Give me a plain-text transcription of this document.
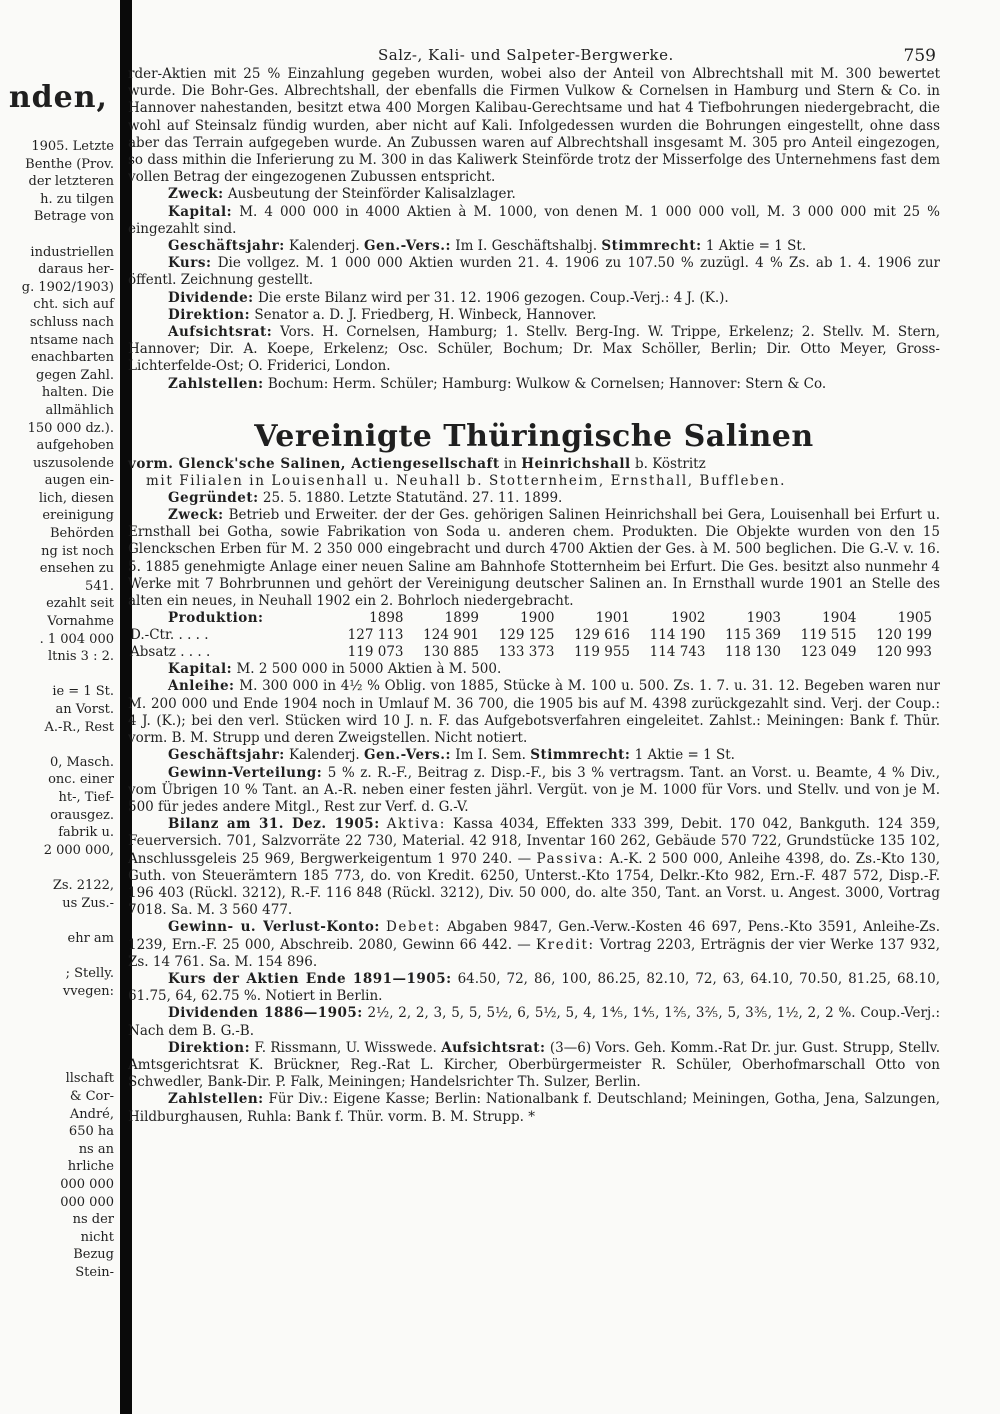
nden,
1905. Letzte
Benthe (Prov.
der letzteren
h. zu tilgen
Betrage von

industriellen
daraus her-
g. 1902/1903)
cht. sich auf
schluss nach
ntsame nach
enachbarten
gegen Zahl.
halten. Die
allmählich
150 000 dz.).
aufgehoben
uszusolende
augen ein-
lich, diesen
ereinigung
Behörden
ng ist noch
ensehen zu
541.
ezahlt seit
Vornahme
. 1 004 000
ltnis 3 : 2.

ie = 1 St.
an Vorst.
A.-R., Rest

0, Masch.
onc. einer
ht-, Tief-
orausgez.
fabrik u.
2 000 000,

Zs. 2122,
us Zus.-

ehr am

; Stelly.
vvegen:

llschaft
& Cor-
André,
650 ha
ns an
hrliche
000 000
000 000
ns der
nicht
Bezug
Stein-
Salz-, Kali- und Salpeter-Bergwerke.	759

rder-Aktien mit 25 % Einzahlung gegeben wurden, wobei also der Anteil von Albrechtshall mit M. 300 bewertet wurde. Die Bohr-Ges. Albrechtshall, der ebenfalls die Firmen Vulkow & Cornelsen in Hamburg und Stern & Co. in Hannover nahestanden, besitzt etwa 400 Morgen Kalibau-Gerechtsame und hat 4 Tiefbohrungen niedergebracht, die wohl auf Steinsalz fündig wurden, aber nicht auf Kali. Infolgedessen wurden die Bohrungen eingestellt, ohne dass aber das Terrain aufgegeben wurde. An Zubussen waren auf Albrechtshall insgesamt M. 305 pro Anteil eingezogen, so dass mithin die Inferierung zu M. 300 in das Kaliwerk Steinförde trotz der Misserfolge des Unternehmens fast dem vollen Betrag der eingezogenen Zubussen entspricht.

Zweck: Ausbeutung der Steinförder Kalisalzlager.

Kapital: M. 4 000 000 in 4000 Aktien à M. 1000, von denen M. 1 000 000 voll, M. 3 000 000 mit 25 % eingezahlt sind.

Geschäftsjahr: Kalenderj. Gen.-Vers.: Im I. Geschäftshalbj. Stimmrecht: 1 Aktie = 1 St.

Kurs: Die vollgez. M. 1 000 000 Aktien wurden 21. 4. 1906 zu 107.50 % zuzügl. 4 % Zs. ab 1. 4. 1906 zur öffentl. Zeichnung gestellt.

Dividende: Die erste Bilanz wird per 31. 12. 1906 gezogen. Coup.-Verj.: 4 J. (K.).

Direktion: Senator a. D. J. Friedberg, H. Winbeck, Hannover.

Aufsichtsrat: Vors. H. Cornelsen, Hamburg; 1. Stellv. Berg-Ing. W. Trippe, Erkelenz; 2. Stellv. M. Stern, Hannover; Dir. A. Koepe, Erkelenz; Osc. Schüler, Bochum; Dr. Max Schöller, Berlin; Dir. Otto Meyer, Gross-Lichterfelde-Ost; O. Friderici, London.

Zahlstellen: Bochum: Herm. Schüler; Hamburg: Wulkow & Cornelsen; Hannover: Stern & Co.

Vereinigte Thüringische Salinen

vorm. Glenck'sche Salinen, Actiengesellschaft in Heinrichshall b. Köstritz

mit Filialen in Louisenhall u. Neuhall b. Stotternheim, Ernsthall, Buffleben.

Gegründet: 25. 5. 1880. Letzte Statutänd. 27. 11. 1899.

Zweck: Betrieb und Erweiter. der der Ges. gehörigen Salinen Heinrichshall bei Gera, Louisenhall bei Erfurt u. Ernsthall bei Gotha, sowie Fabrikation von Soda u. anderen chem. Produkten. Die Objekte wurden von den 15 Glenckschen Erben für M. 2 350 000 eingebracht und durch 4700 Aktien der Ges. à M. 500 beglichen. Die G.-V. v. 16. 5. 1885 genehmigte Anlage einer neuen Saline am Bahnhofe Stotternheim bei Erfurt. Die Ges. besitzt also nunmehr 4 Werke mit 7 Bohrbrunnen und gehört der Vereinigung deutscher Salinen an. In Ernsthall wurde 1901 an Stelle des alten ein neues, in Neuhall 1902 ein 2. Bohrloch niedergebracht.

Produktion:	1898	1899	1900	1901	1902	1903	1904	1905
D.-Ctr. . . . .	127 113	124 901	129 125	129 616	114 190	115 369	119 515	120 199
Absatz . . . .	119 073	130 885	133 373	119 955	114 743	118 130	123 049	120 993

Kapital: M. 2 500 000 in 5000 Aktien à M. 500.

Anleihe: M. 300 000 in 4½ % Oblig. von 1885, Stücke à M. 100 u. 500. Zs. 1. 7. u. 31. 12. Begeben waren nur M. 200 000 und Ende 1904 noch in Umlauf M. 36 700, die 1905 bis auf M. 4398 zurückgezahlt sind. Verj. der Coup.: 4 J. (K.); bei den verl. Stücken wird 10 J. n. F. das Aufgebotsverfahren eingeleitet. Zahlst.: Meiningen: Bank f. Thür. vorm. B. M. Strupp und deren Zweigstellen. Nicht notiert.

Geschäftsjahr: Kalenderj. Gen.-Vers.: Im I. Sem. Stimmrecht: 1 Aktie = 1 St.

Gewinn-Verteilung: 5 % z. R.-F., Beitrag z. Disp.-F., bis 3 % vertragsm. Tant. an Vorst. u. Beamte, 4 % Div., vom Übrigen 10 % Tant. an A.-R. neben einer festen jährl. Vergüt. von je M. 1000 für Vors. und Stellv. und von je M. 500 für jedes andere Mitgl., Rest zur Verf. d. G.-V.

Bilanz am 31. Dez. 1905: Aktiva: Kassa 4034, Effekten 333 399, Debit. 170 042, Bankguth. 124 359, Feuerversich. 701, Salzvorräte 22 730, Material. 42 918, Inventar 160 262, Gebäude 570 722, Grundstücke 135 102, Anschlussgeleis 25 969, Bergwerkeigentum 1 970 240. — Passiva: A.-K. 2 500 000, Anleihe 4398, do. Zs.-Kto 130, Guth. von Steuerämtern 185 773, do. von Kredit. 6250, Unterst.-Kto 1754, Delkr.-Kto 982, Ern.-F. 487 572, Disp.-F. 196 403 (Rückl. 3212), R.-F. 116 848 (Rückl. 3212), Div. 50 000, do. alte 350, Tant. an Vorst. u. Angest. 3000, Vortrag 7018. Sa. M. 3 560 477.

Gewinn- u. Verlust-Konto: Debet: Abgaben 9847, Gen.-Verw.-Kosten 46 697, Pens.-Kto 3591, Anleihe-Zs. 1239, Ern.-F. 25 000, Abschreib. 2080, Gewinn 66 442. — Kredit: Vortrag 2203, Erträgnis der vier Werke 137 932, Zs. 14 761. Sa. M. 154 896.

Kurs der Aktien Ende 1891—1905: 64.50, 72, 86, 100, 86.25, 82.10, 72, 63, 64.10, 70.50, 81.25, 68.10, 61.75, 64, 62.75 %. Notiert in Berlin.

Dividenden 1886—1905: 2½, 2, 2, 3, 5, 5, 5½, 6, 5½, 5, 4, 1⅘, 1⅘, 1⅖, 3⅖, 5, 3⅗, 1½, 2, 2 %. Coup.-Verj.: Nach dem B. G.-B.

Direktion: F. Rissmann, U. Wisswede. Aufsichtsrat: (3—6) Vors. Geh. Komm.-Rat Dr. jur. Gust. Strupp, Stellv. Amtsgerichtsrat K. Brückner, Reg.-Rat L. Kircher, Oberbürgermeister R. Schüler, Oberhofmarschall Otto von Schwedler, Bank-Dir. P. Falk, Meiningen; Handelsrichter Th. Sulzer, Berlin.

Zahlstellen: Für Div.: Eigene Kasse; Berlin: Nationalbank f. Deutschland; Meiningen, Gotha, Jena, Salzungen, Hildburghausen, Ruhla: Bank f. Thür. vorm. B. M. Strupp. *
